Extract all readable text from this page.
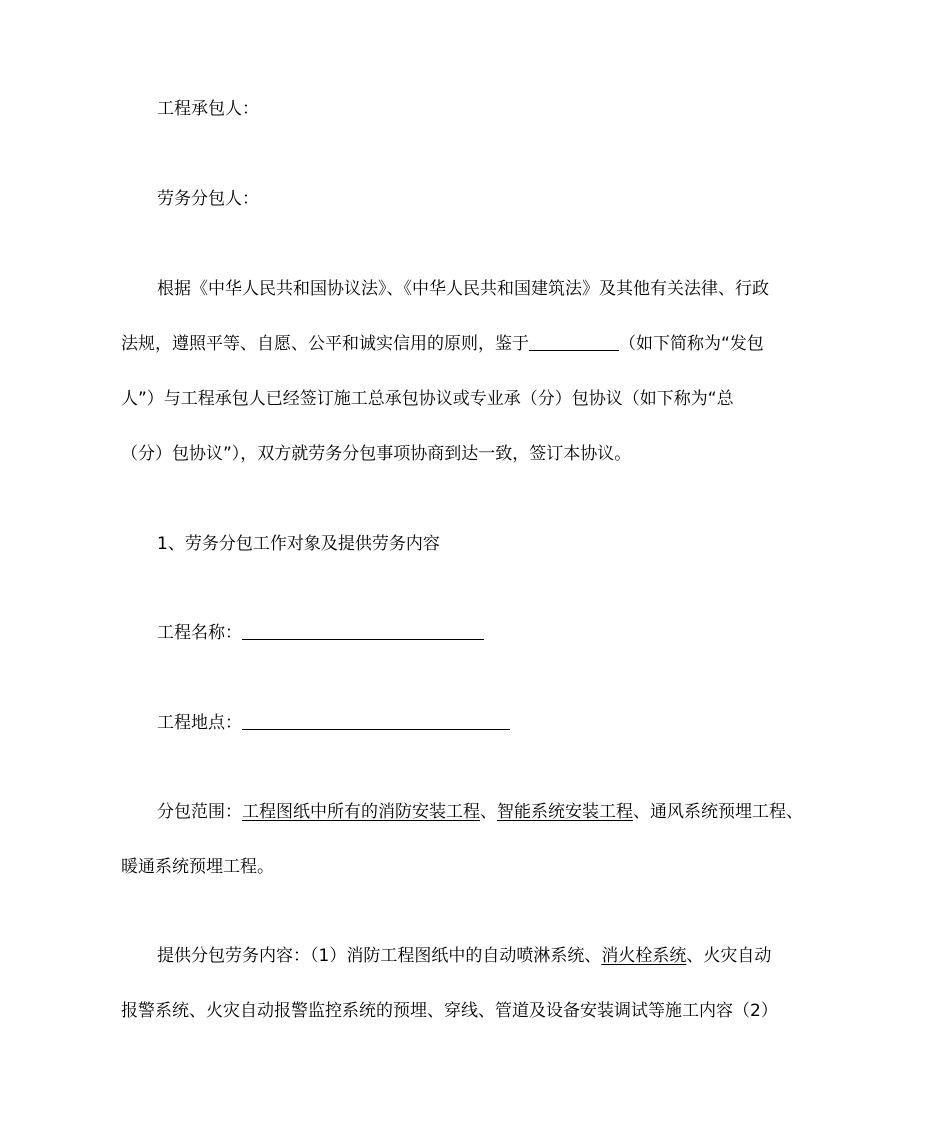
工程承包人：
劳务分包人：
根据《中华人民共和国协议法》、《中华人民共和国建筑法》及其他有关法律、行政
法规，遵照平等、自愿、公平和诚实信用的原则，鉴于	（如下简称为“发包
人”）与工程承包人已经签订施工总承包协议或专业承（分）包协议（如下称为“总
（分）包协议”），双方就劳务分包事项协商到达一致，签订本协议。
1、劳务分包工作对象及提供劳务内容
工程名称：
工程地点：
分包范围：工程图纸中所有的消防安装工程、智能系统安装工程、通风系统预埋工程、
暖通系统预埋工程。
提供分包劳务内容：（1）消防工程图纸中的自动喷淋系统、消火栓系统、火灾自动
报警系统、火灾自动报警监控系统的预埋、穿线、管道及设备安装调试等施工内容（2）
